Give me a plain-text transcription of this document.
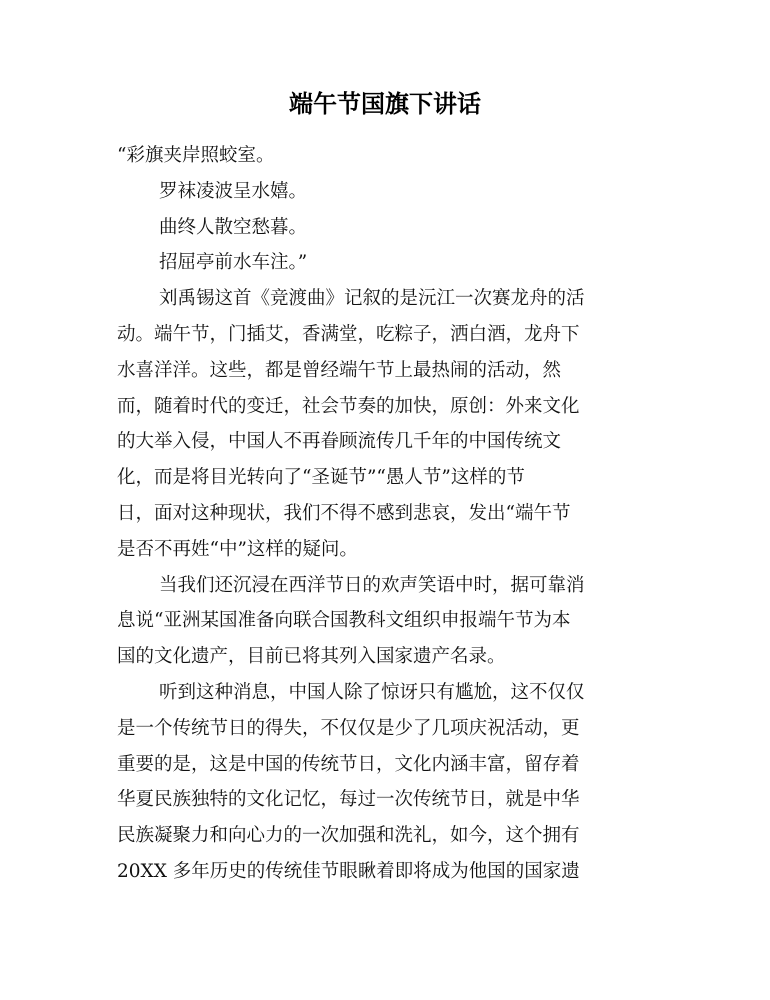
端午节国旗下讲话
“彩旗夹岸照蛟室。
罗袜凌波呈水嬉。
曲终人散空愁暮。
招屈亭前水车注。”
刘禹锡这首《竞渡曲》记叙的是沅江一次赛龙舟的活
动。端午节，门插艾，香满堂，吃粽子，洒白酒，龙舟下
水喜洋洋。这些，都是曾经端午节上最热闹的活动，然
而，随着时代的变迁，社会节奏的加快，原创：外来文化
的大举入侵，中国人不再眷顾流传几千年的中国传统文
化，而是将目光转向了“圣诞节”“愚人节”这样的节
日，面对这种现状，我们不得不感到悲哀，发出“端午节
是否不再姓“中”这样的疑问。
当我们还沉浸在西洋节日的欢声笑语中时，据可靠消
息说“亚洲某国准备向联合国教科文组织申报端午节为本
国的文化遗产，目前已将其列入国家遗产名录。
听到这种消息，中国人除了惊讶只有尴尬，这不仅仅
是一个传统节日的得失，不仅仅是少了几项庆祝活动，更
重要的是，这是中国的传统节日，文化内涵丰富，留存着
华夏民族独特的文化记忆，每过一次传统节日，就是中华
民族凝聚力和向心力的一次加强和洗礼，如今，这个拥有
20XX 多年历史的传统佳节眼瞅着即将成为他国的国家遗
